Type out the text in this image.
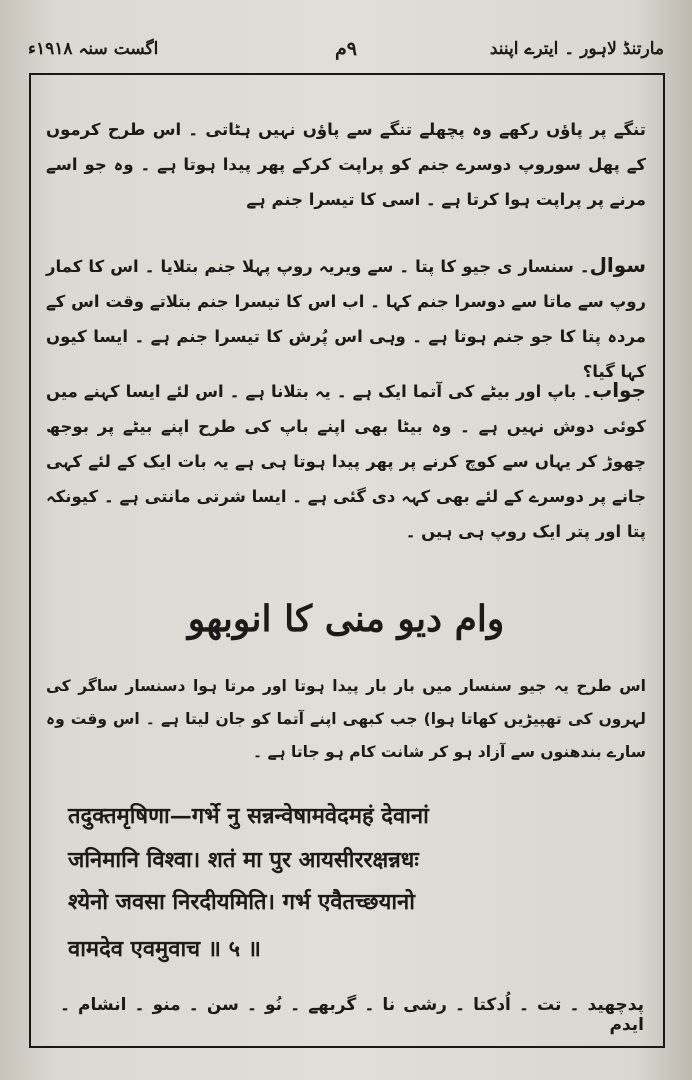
مارتنڈ لاہور ۔ ایترے اپنند
۹م
اگست سنہ ۱۹۱۸ء
تنگے پر پاؤں رکھے وہ پچھلے تنگے سے پاؤں نہیں ہٹاتی ۔ اس طرح کرموں کے پھل سوروپ دوسرے جنم کو پراپت کرکے پھر پیدا ہوتا ہے ۔ وہ جو اسے مرنے پر پراپت ہوا کرتا ہے ۔ اسی کا تیسرا جنم ہے
سوال۔ سنسار ی جیو کا پتا ۔ سے ویریہ روپ پہلا جنم بتلایا ۔ اس کا کمار روپ سے ماتا سے دوسرا جنم کہا ۔ اب اس کا تیسرا جنم بتلاتے وقت اس کے مردہ پتا کا جو جنم ہوتا ہے ۔ وہی اس پُرش کا تیسرا جنم ہے ۔ ایسا کیوں کہا گیا؟
جواب۔ باپ اور بیٹے کی آتما ایک ہے ۔ یہ بتلانا ہے ۔ اس لئے ایسا کہنے میں کوئی دوش نہیں ہے ۔ وہ بیٹا بھی اپنے باپ کی طرح اپنے بیٹے پر بوجھ چھوڑ کر یہاں سے کوچ کرنے پر پھر پیدا ہوتا ہی ہے یہ بات ایک کے لئے کہی جانے پر دوسرے کے لئے بھی کہہ دی گئی ہے ۔ ایسا شرتی مانتی ہے ۔ کیونکہ پتا اور پتر ایک روپ ہی ہیں ۔
وام دیو منی کا انوبھو
اس طرح یہ جیو سنسار میں بار بار پیدا ہوتا اور مرتا ہوا دسنسار ساگر کی لہروں کی تھپیڑیں کھاتا ہوا) جب کبھی اپنے آتما کو جان لیتا ہے ۔ اس وقت وہ سارے بندھنوں سے آزاد ہو کر شانت کام ہو جاتا ہے ۔
तदुक्तमृषिणा—गर्भे नु सन्नन्वेषामवेदमहं देवानां
जनिमानि विश्वा। शतं मा पुर आयसीररक्षन्नधः
श्येनो जवसा निरदीयमिति। गर्भ एवैतच्छयानो
वामदेव एवमुवाच ॥ ५ ॥
پدچھید ۔ تت ۔ اُدکتا ۔ رشی نا ۔ گربھے ۔ نُو ۔ سن ۔ منو ۔ انشام ۔ ایدم
